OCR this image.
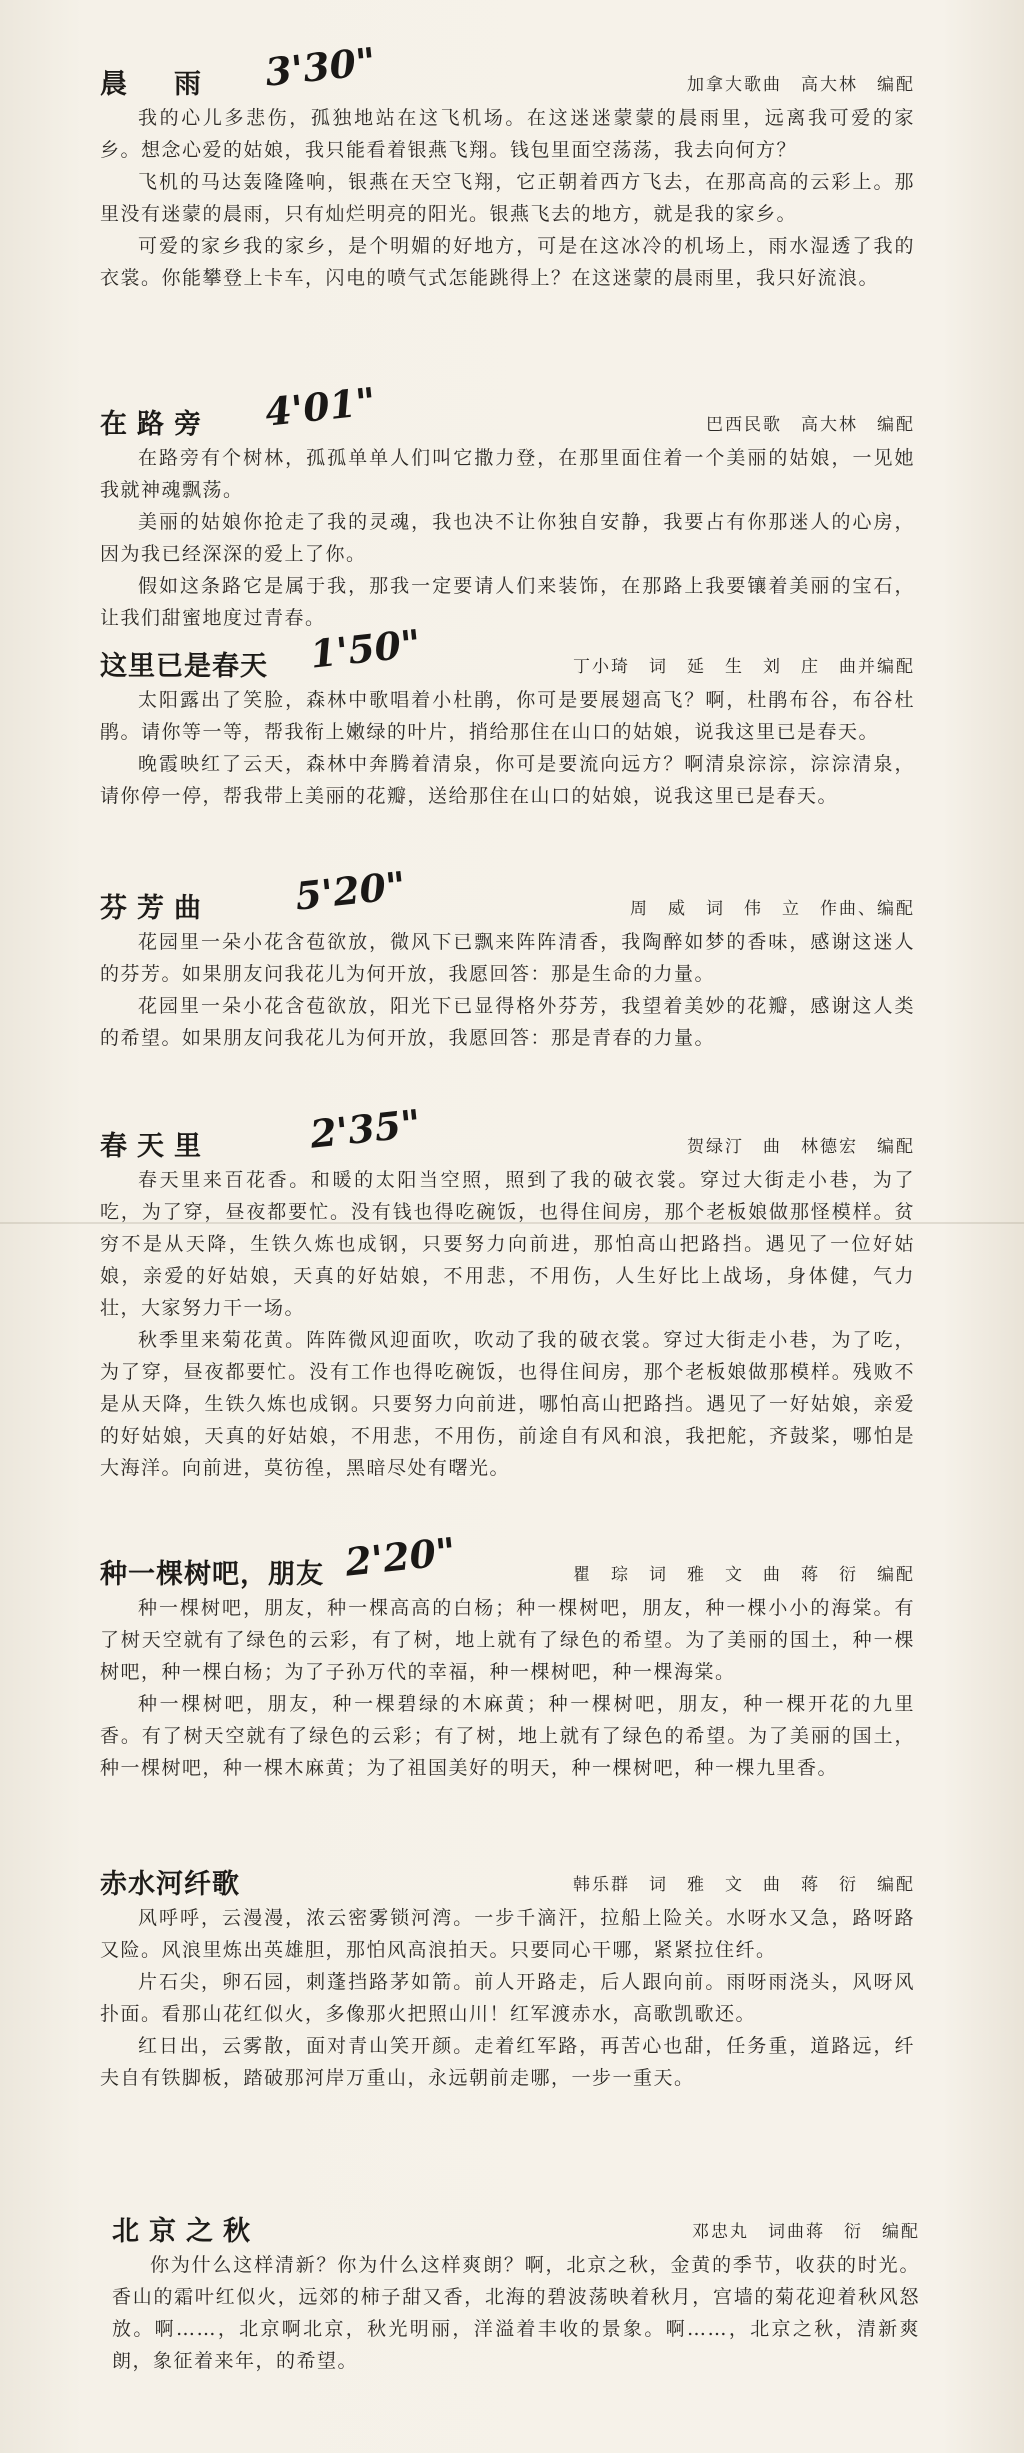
晨　雨 3'30"	加拿大歌曲　高大林　编配

我的心儿多悲伤，孤独地站在这飞机场。在这迷迷蒙蒙的晨雨里，远离我可爱的家乡。想念心爱的姑娘，我只能看着银燕飞翔。钱包里面空荡荡，我去向何方？

飞机的马达轰隆隆响，银燕在天空飞翔，它正朝着西方飞去，在那高高的云彩上。那里没有迷蒙的晨雨，只有灿烂明亮的阳光。银燕飞去的地方，就是我的家乡。

可爱的家乡我的家乡，是个明媚的好地方，可是在这冰冷的机场上，雨水湿透了我的衣裳。你能攀登上卡车，闪电的喷气式怎能跳得上？在这迷蒙的晨雨里，我只好流浪。

在路旁 4'01"	巴西民歌　高大林　编配

在路旁有个树林，孤孤单单人们叫它撒力登，在那里面住着一个美丽的姑娘，一见她我就神魂飘荡。

美丽的姑娘你抢走了我的灵魂，我也决不让你独自安静，我要占有你那迷人的心房，因为我已经深深的爱上了你。

假如这条路它是属于我，那我一定要请人们来装饰，在那路上我要镶着美丽的宝石，让我们甜蜜地度过青春。

这里已是春天 1'50"	丁小琦　词　延　生　刘　庄　曲并编配

太阳露出了笑脸，森林中歌唱着小杜鹃，你可是要展翅高飞？啊，杜鹃布谷，布谷杜鹃。请你等一等，帮我衔上嫩绿的叶片，捎给那住在山口的姑娘，说我这里已是春天。

晚霞映红了云天，森林中奔腾着清泉，你可是要流向远方？啊清泉淙淙，淙淙清泉，请你停一停，帮我带上美丽的花瓣，送给那住在山口的姑娘，说我这里已是春天。

芬芳曲 5'20"	周　威　词　伟　立　作曲、编配

花园里一朵小花含苞欲放，微风下已飘来阵阵清香，我陶醉如梦的香味，感谢这迷人的芬芳。如果朋友问我花儿为何开放，我愿回答：那是生命的力量。

花园里一朵小花含苞欲放，阳光下已显得格外芬芳，我望着美妙的花瓣，感谢这人类的希望。如果朋友问我花儿为何开放，我愿回答：那是青春的力量。

春天里	2'35"	贺绿汀　曲　林德宏　编配

春天里来百花香。和暖的太阳当空照，照到了我的破衣裳。穿过大街走小巷，为了吃，为了穿，昼夜都要忙。没有钱也得吃碗饭，也得住间房，那个老板娘做那怪模样。贫穷不是从天降，生铁久炼也成钢，只要努力向前进，那怕高山把路挡。遇见了一位好姑娘，亲爱的好姑娘，天真的好姑娘，不用悲，不用伤，人生好比上战场，身体健，气力壮，大家努力干一场。

秋季里来菊花黄。阵阵微风迎面吹，吹动了我的破衣裳。穿过大街走小巷，为了吃，为了穿，昼夜都要忙。没有工作也得吃碗饭，也得住间房，那个老板娘做那模样。残败不是从天降，生铁久炼也成钢。只要努力向前进，哪怕高山把路挡。遇见了一好姑娘，亲爱的好姑娘，天真的好姑娘，不用悲，不用伤，前途自有风和浪，我把舵，齐鼓桨，哪怕是大海洋。向前进，莫彷徨，黑暗尽处有曙光。

种一棵树吧，朋友 2'20"	瞿　琮　词　雅　文　曲　蒋　衍　编配

种一棵树吧，朋友，种一棵高高的白杨；种一棵树吧，朋友，种一棵小小的海棠。有了树天空就有了绿色的云彩，有了树，地上就有了绿色的希望。为了美丽的国土，种一棵树吧，种一棵白杨；为了子孙万代的幸福，种一棵树吧，种一棵海棠。

种一棵树吧，朋友，种一棵碧绿的木麻黄；种一棵树吧，朋友，种一棵开花的九里香。有了树天空就有了绿色的云彩；有了树，地上就有了绿色的希望。为了美丽的国土，种一棵树吧，种一棵木麻黄；为了祖国美好的明天，种一棵树吧，种一棵九里香。

赤水河纤歌	韩乐群　词　雅　文　曲　蒋　衍　编配

风呼呼，云漫漫，浓云密雾锁河湾。一步千滴汗，拉船上险关。水呀水又急，路呀路又险。风浪里炼出英雄胆，那怕风高浪拍天。只要同心干哪，紧紧拉住纤。

片石尖，卵石园，刺蓬挡路茅如箭。前人开路走，后人跟向前。雨呀雨浇头，风呀风扑面。看那山花红似火，多像那火把照山川！红军渡赤水，高歌凯歌还。

红日出，云雾散，面对青山笑开颜。走着红军路，再苦心也甜，任务重，道路远，纤夫自有铁脚板，踏破那河岸万重山，永远朝前走哪，一步一重天。

北京之秋	邓忠丸　词曲蒋　衍　编配

你为什么这样清新？你为什么这样爽朗？啊，北京之秋，金黄的季节，收获的时光。香山的霜叶红似火，远郊的柿子甜又香，北海的碧波荡映着秋月，宫墙的菊花迎着秋风怒放。啊……，北京啊北京，秋光明丽，洋溢着丰收的景象。啊……，北京之秋，清新爽朗，象征着来年，的希望。
